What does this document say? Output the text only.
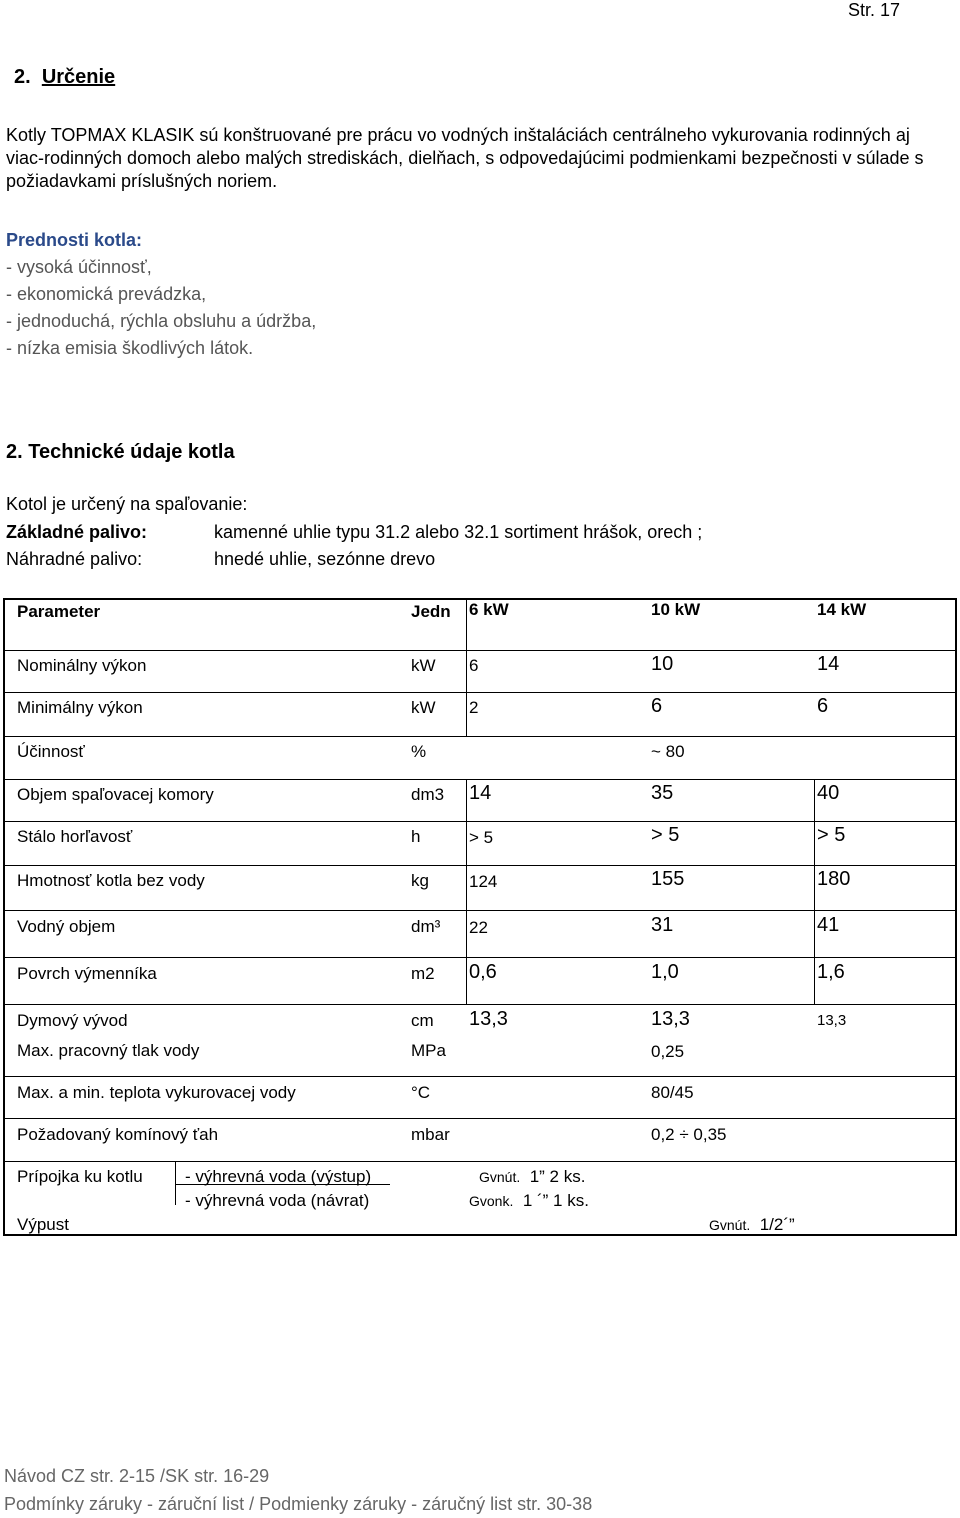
Str. 17
2. Určenie
Kotly TOPMAX KLASIK sú konštruované pre prácu vo vodných inštaláciách centrálneho vykurovania rodinných aj viac-rodinných domoch alebo malých strediskách, dielňach, s odpovedajúcimi podmienkami bezpečnosti v súlade s požiadavkami príslušných noriem.
Prednosti kotla:
- vysoká účinnosť,
- ekonomická prevádzka,
- jednoduchá, rýchla obsluhu a údržba,
- nízka emisia škodlivých látok.
2. Technické údaje kotla
Kotol je určený na spaľovanie:
Základné palivo:	kamenné uhlie typu 31.2 alebo 32.1 sortiment hrášok, orech ;
Náhradné palivo:	hnedé uhlie, sezónne drevo
Parameter	Jedn 6 kW	10 kW	14 kW
Nominálny výkon	kW 6	10	14
Minimálny výkon	kW 2	6	6
Účinnosť	%	~ 80
Objem spaľovacej komory	dm3 14	35	40
Stálo horľavosť	h	> 5	> 5	> 5
Hmotnosť kotla bez vody	kg 124	155	180
Vodný objem	dm³ 22	31	41
Povrch výmenníka	m2 0,6	1,0	1,6
Dymový vývod	cm 13,3	13,3	13,3
Max. pracovný tlak vody	MPa	0,25
Max. a min. teplota vykurovacej vody	°C	80/45
Požadovaný komínový ťah	mbar	0,2 ÷ 0,35
Prípojka ku kotlu - výhrevná voda (výstup)	Gvnút. 1” 2 ks.
- výhrevná voda (návrat)	Gvonk. 1 ´” 1 ks.
Výpust	Gvnút. 1/2´”
Návod CZ str. 2-15 /SK str. 16-29
Podmínky záruky - záruční list / Podmienky záruky - záručný list str. 30-38
